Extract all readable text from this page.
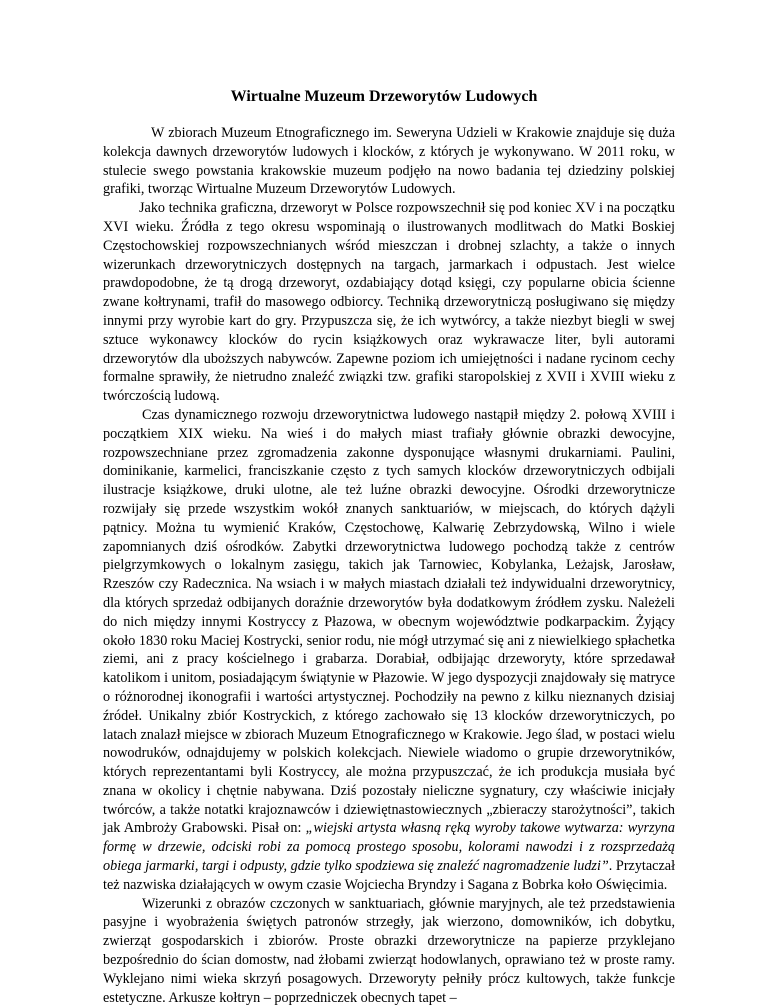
Wirtualne Muzeum Drzeworytów Ludowych

W zbiorach Muzeum Etnograficznego im. Seweryna Udzieli w Krakowie znajduje się duża kolekcja dawnych drzeworytów ludowych i klocków, z których je wykonywano. W 2011 roku, w stulecie swego powstania krakowskie muzeum podjęło na nowo badania tej dziedziny polskiej grafiki, tworząc Wirtualne Muzeum Drzeworytów Ludowych.

Jako technika graficzna, drzeworyt w Polsce rozpowszechnił się pod koniec XV i na początku XVI wieku. Źródła z tego okresu wspominają o ilustrowanych modlitwach do Matki Boskiej Częstochowskiej rozpowszechnianych wśród mieszczan i drobnej szlachty, a także o innych wizerunkach drzeworytniczych dostępnych na targach, jarmarkach i odpustach. Jest wielce prawdopodobne, że tą drogą drzeworyt, ozdabiający dotąd księgi, czy popularne obicia ścienne zwane kołtrynami, trafił do masowego odbiorcy. Techniką drzeworytniczą posługiwano się między innymi przy wyrobie kart do gry. Przypuszcza się, że ich wytwórcy, a także niezbyt biegli w swej sztuce wykonawcy klocków do rycin książkowych oraz wykrawacze liter, byli autorami drzeworytów dla uboższych nabywców. Zapewne poziom ich umiejętności i nadane rycinom cechy formalne sprawiły, że nietrudno znaleźć związki tzw. grafiki staropolskiej z XVII i XVIII wieku z twórczością ludową.

Czas dynamicznego rozwoju drzeworytnictwa ludowego nastąpił między 2. połową XVIII i początkiem XIX wieku. Na wieś i do małych miast trafiały głównie obrazki dewocyjne, rozpowszechniane przez zgromadzenia zakonne dysponujące własnymi drukarniami. Paulini, dominikanie, karmelici, franciszkanie często z tych samych klocków drzeworytniczych odbijali ilustracje książkowe, druki ulotne, ale też luźne obrazki dewocyjne. Ośrodki drzeworytnicze rozwijały się przede wszystkim wokół znanych sanktuariów, w miejscach, do których dążyli pątnicy. Można tu wymienić Kraków, Częstochowę, Kalwarię Zebrzydowską, Wilno i wiele zapomnianych dziś ośrodków. Zabytki drzeworytnictwa ludowego pochodzą także z centrów pielgrzymkowych o lokalnym zasięgu, takich jak Tarnowiec, Kobylanka, Leżajsk, Jarosław, Rzeszów czy Radecznica. Na wsiach i w małych miastach działali też indywidualni drzeworytnicy, dla których sprzedaż odbijanych doraźnie drzeworytów była dodatkowym źródłem zysku. Należeli do nich między innymi Kostryccy z Płazowa, w obecnym województwie podkarpackim. Żyjący około 1830 roku Maciej Kostrycki, senior rodu, nie mógł utrzymać się ani z niewielkiego spłachetka ziemi, ani z pracy kościelnego i grabarza. Dorabiał, odbijając drzeworyty, które sprzedawał katolikom i unitom, posiadającym świątynie w Płazowie. W jego dyspozycji znajdowały się matryce o różnorodnej ikonografii i wartości artystycznej. Pochodziły na pewno z kilku nieznanych dzisiaj źródeł. Unikalny zbiór Kostryckich, z którego zachowało się 13 klocków drzeworytniczych, po latach znalazł miejsce w zbiorach Muzeum Etnograficznego w Krakowie. Jego ślad, w postaci wielu nowodruków, odnajdujemy w polskich kolekcjach. Niewiele wiadomo o grupie drzeworytników, których reprezentantami byli Kostryccy, ale można przypuszczać, że ich produkcja musiała być znana w okolicy i chętnie nabywana. Dziś pozostały nieliczne sygnatury, czy właściwie inicjały twórców, a także notatki krajoznawców i dziewiętnastowiecznych „zbieraczy starożytności”, takich jak Ambroży Grabowski. Pisał on: „wiejski artysta własną ręką wyroby takowe wytwarza: wyrzyna formę w drzewie, odciski robi za pomocą prostego sposobu, kolorami nawodzi i z rozsprzedażą obiega jarmarki, targi i odpusty, gdzie tylko spodziewa się znaleźć nagromadzenie ludzi”. Przytaczał też nazwiska działających w owym czasie Wojciecha Bryndzy i Sagana z Bobrka koło Oświęcimia.

Wizerunki z obrazów czczonych w sanktuariach, głównie maryjnych, ale też przedstawienia pasyjne i wyobrażenia świętych patronów strzegły, jak wierzono, domowników, ich dobytku, zwierząt gospodarskich i zbiorów. Proste obrazki drzeworytnicze na papierze przyklejano bezpośrednio do ścian domostw, nad żłobami zwierząt hodowlanych, oprawiano też w proste ramy. Wyklejano nimi wieka skrzyń posagowych. Drzeworyty pełniły prócz kultowych, także funkcje estetyczne. Arkusze kołtryn – poprzedniczek obecnych tapet –
